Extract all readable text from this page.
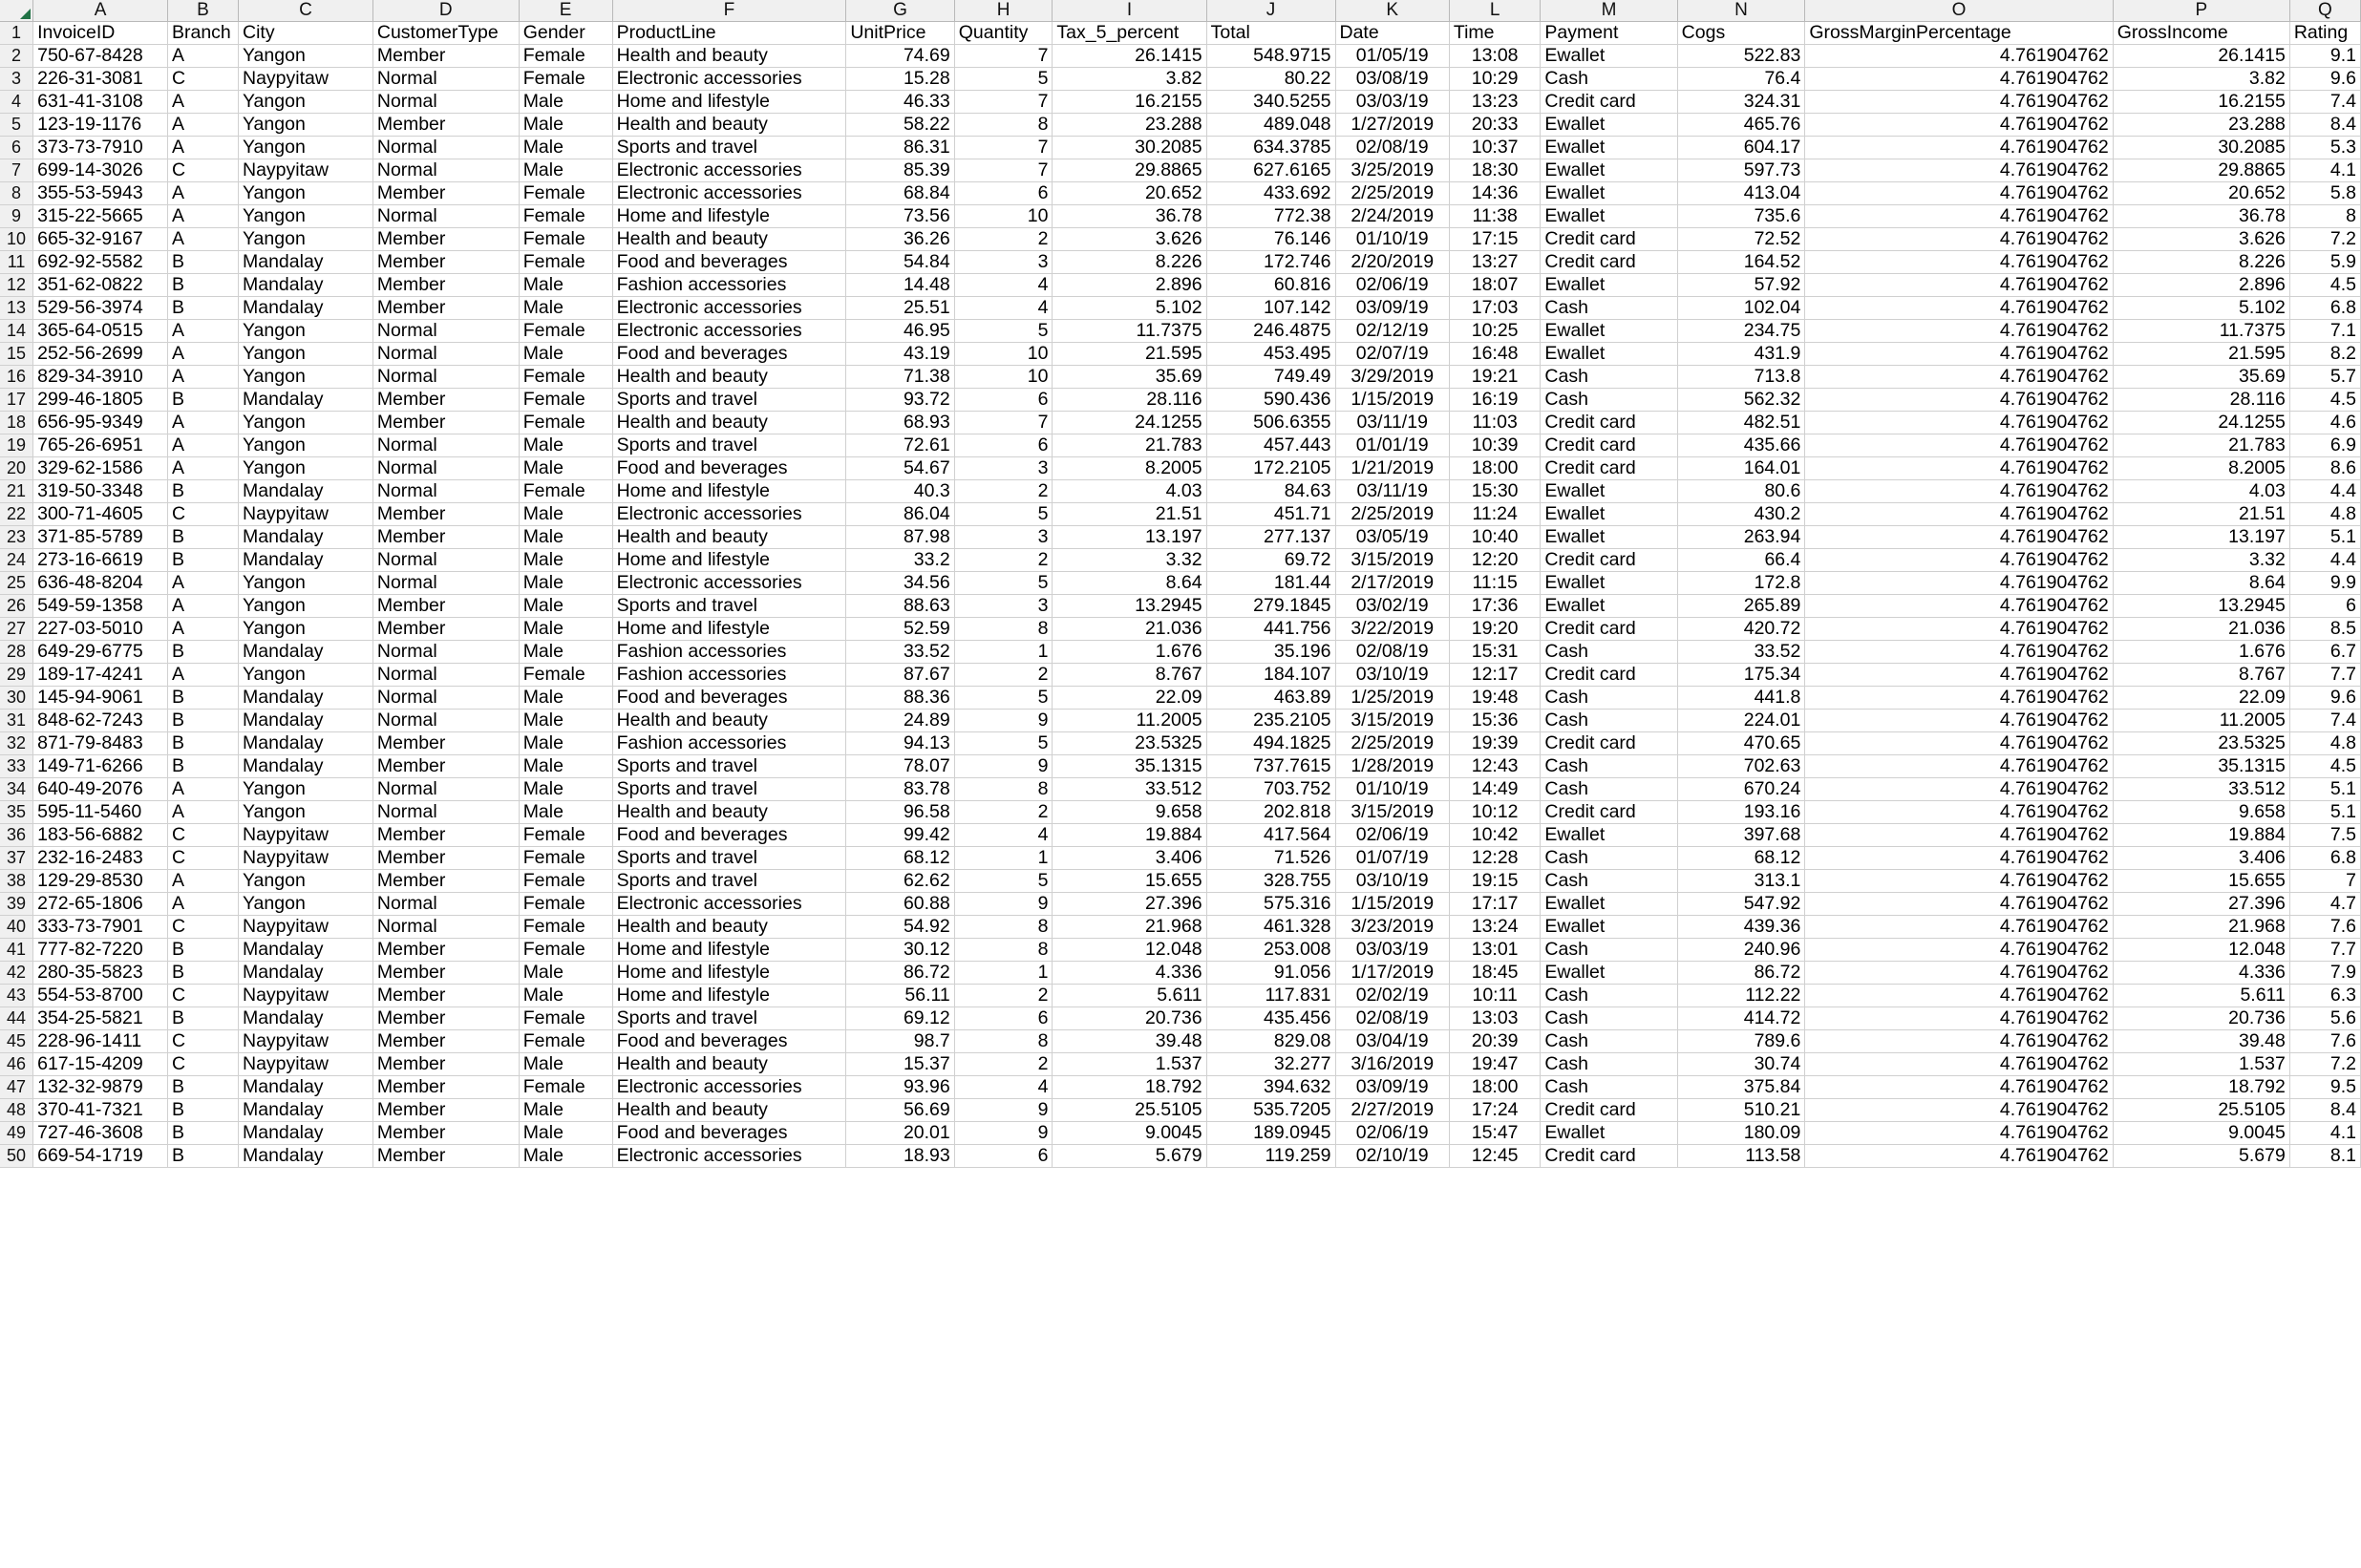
	A	B	C	D	E	F	G	H	I	J	K	L	M	N	O	P	Q
1	InvoiceID	Branch	City	CustomerType	Gender	ProductLine	UnitPrice	Quantity	Tax_5_percent	Total	Date	Time	Payment	Cogs	GrossMarginPercentage	GrossIncome	Rating
2	750-67-8428	A	Yangon	Member	Female	Health and beauty	74.69	7	26.1415	548.9715	01/05/19	13:08	Ewallet	522.83	4.761904762	26.1415	9.1
3	226-31-3081	C	Naypyitaw	Normal	Female	Electronic accessories	15.28	5	3.82	80.22	03/08/19	10:29	Cash	76.4	4.761904762	3.82	9.6
4	631-41-3108	A	Yangon	Normal	Male	Home and lifestyle	46.33	7	16.2155	340.5255	03/03/19	13:23	Credit card	324.31	4.761904762	16.2155	7.4
5	123-19-1176	A	Yangon	Member	Male	Health and beauty	58.22	8	23.288	489.048	1/27/2019	20:33	Ewallet	465.76	4.761904762	23.288	8.4
6	373-73-7910	A	Yangon	Normal	Male	Sports and travel	86.31	7	30.2085	634.3785	02/08/19	10:37	Ewallet	604.17	4.761904762	30.2085	5.3
7	699-14-3026	C	Naypyitaw	Normal	Male	Electronic accessories	85.39	7	29.8865	627.6165	3/25/2019	18:30	Ewallet	597.73	4.761904762	29.8865	4.1
8	355-53-5943	A	Yangon	Member	Female	Electronic accessories	68.84	6	20.652	433.692	2/25/2019	14:36	Ewallet	413.04	4.761904762	20.652	5.8
9	315-22-5665	A	Yangon	Normal	Female	Home and lifestyle	73.56	10	36.78	772.38	2/24/2019	11:38	Ewallet	735.6	4.761904762	36.78	8
10	665-32-9167	A	Yangon	Member	Female	Health and beauty	36.26	2	3.626	76.146	01/10/19	17:15	Credit card	72.52	4.761904762	3.626	7.2
11	692-92-5582	B	Mandalay	Member	Female	Food and beverages	54.84	3	8.226	172.746	2/20/2019	13:27	Credit card	164.52	4.761904762	8.226	5.9
12	351-62-0822	B	Mandalay	Member	Male	Fashion accessories	14.48	4	2.896	60.816	02/06/19	18:07	Ewallet	57.92	4.761904762	2.896	4.5
13	529-56-3974	B	Mandalay	Member	Male	Electronic accessories	25.51	4	5.102	107.142	03/09/19	17:03	Cash	102.04	4.761904762	5.102	6.8
14	365-64-0515	A	Yangon	Normal	Female	Electronic accessories	46.95	5	11.7375	246.4875	02/12/19	10:25	Ewallet	234.75	4.761904762	11.7375	7.1
15	252-56-2699	A	Yangon	Normal	Male	Food and beverages	43.19	10	21.595	453.495	02/07/19	16:48	Ewallet	431.9	4.761904762	21.595	8.2
16	829-34-3910	A	Yangon	Normal	Female	Health and beauty	71.38	10	35.69	749.49	3/29/2019	19:21	Cash	713.8	4.761904762	35.69	5.7
17	299-46-1805	B	Mandalay	Member	Female	Sports and travel	93.72	6	28.116	590.436	1/15/2019	16:19	Cash	562.32	4.761904762	28.116	4.5
18	656-95-9349	A	Yangon	Member	Female	Health and beauty	68.93	7	24.1255	506.6355	03/11/19	11:03	Credit card	482.51	4.761904762	24.1255	4.6
19	765-26-6951	A	Yangon	Normal	Male	Sports and travel	72.61	6	21.783	457.443	01/01/19	10:39	Credit card	435.66	4.761904762	21.783	6.9
20	329-62-1586	A	Yangon	Normal	Male	Food and beverages	54.67	3	8.2005	172.2105	1/21/2019	18:00	Credit card	164.01	4.761904762	8.2005	8.6
21	319-50-3348	B	Mandalay	Normal	Female	Home and lifestyle	40.3	2	4.03	84.63	03/11/19	15:30	Ewallet	80.6	4.761904762	4.03	4.4
22	300-71-4605	C	Naypyitaw	Member	Male	Electronic accessories	86.04	5	21.51	451.71	2/25/2019	11:24	Ewallet	430.2	4.761904762	21.51	4.8
23	371-85-5789	B	Mandalay	Member	Male	Health and beauty	87.98	3	13.197	277.137	03/05/19	10:40	Ewallet	263.94	4.761904762	13.197	5.1
24	273-16-6619	B	Mandalay	Normal	Male	Home and lifestyle	33.2	2	3.32	69.72	3/15/2019	12:20	Credit card	66.4	4.761904762	3.32	4.4
25	636-48-8204	A	Yangon	Normal	Male	Electronic accessories	34.56	5	8.64	181.44	2/17/2019	11:15	Ewallet	172.8	4.761904762	8.64	9.9
26	549-59-1358	A	Yangon	Member	Male	Sports and travel	88.63	3	13.2945	279.1845	03/02/19	17:36	Ewallet	265.89	4.761904762	13.2945	6
27	227-03-5010	A	Yangon	Member	Male	Home and lifestyle	52.59	8	21.036	441.756	3/22/2019	19:20	Credit card	420.72	4.761904762	21.036	8.5
28	649-29-6775	B	Mandalay	Normal	Male	Fashion accessories	33.52	1	1.676	35.196	02/08/19	15:31	Cash	33.52	4.761904762	1.676	6.7
29	189-17-4241	A	Yangon	Normal	Female	Fashion accessories	87.67	2	8.767	184.107	03/10/19	12:17	Credit card	175.34	4.761904762	8.767	7.7
30	145-94-9061	B	Mandalay	Normal	Male	Food and beverages	88.36	5	22.09	463.89	1/25/2019	19:48	Cash	441.8	4.761904762	22.09	9.6
31	848-62-7243	B	Mandalay	Normal	Male	Health and beauty	24.89	9	11.2005	235.2105	3/15/2019	15:36	Cash	224.01	4.761904762	11.2005	7.4
32	871-79-8483	B	Mandalay	Member	Male	Fashion accessories	94.13	5	23.5325	494.1825	2/25/2019	19:39	Credit card	470.65	4.761904762	23.5325	4.8
33	149-71-6266	B	Mandalay	Member	Male	Sports and travel	78.07	9	35.1315	737.7615	1/28/2019	12:43	Cash	702.63	4.761904762	35.1315	4.5
34	640-49-2076	A	Yangon	Normal	Male	Sports and travel	83.78	8	33.512	703.752	01/10/19	14:49	Cash	670.24	4.761904762	33.512	5.1
35	595-11-5460	A	Yangon	Normal	Male	Health and beauty	96.58	2	9.658	202.818	3/15/2019	10:12	Credit card	193.16	4.761904762	9.658	5.1
36	183-56-6882	C	Naypyitaw	Member	Female	Food and beverages	99.42	4	19.884	417.564	02/06/19	10:42	Ewallet	397.68	4.761904762	19.884	7.5
37	232-16-2483	C	Naypyitaw	Member	Female	Sports and travel	68.12	1	3.406	71.526	01/07/19	12:28	Cash	68.12	4.761904762	3.406	6.8
38	129-29-8530	A	Yangon	Member	Female	Sports and travel	62.62	5	15.655	328.755	03/10/19	19:15	Cash	313.1	4.761904762	15.655	7
39	272-65-1806	A	Yangon	Normal	Female	Electronic accessories	60.88	9	27.396	575.316	1/15/2019	17:17	Ewallet	547.92	4.761904762	27.396	4.7
40	333-73-7901	C	Naypyitaw	Normal	Female	Health and beauty	54.92	8	21.968	461.328	3/23/2019	13:24	Ewallet	439.36	4.761904762	21.968	7.6
41	777-82-7220	B	Mandalay	Member	Female	Home and lifestyle	30.12	8	12.048	253.008	03/03/19	13:01	Cash	240.96	4.761904762	12.048	7.7
42	280-35-5823	B	Mandalay	Member	Male	Home and lifestyle	86.72	1	4.336	91.056	1/17/2019	18:45	Ewallet	86.72	4.761904762	4.336	7.9
43	554-53-8700	C	Naypyitaw	Member	Male	Home and lifestyle	56.11	2	5.611	117.831	02/02/19	10:11	Cash	112.22	4.761904762	5.611	6.3
44	354-25-5821	B	Mandalay	Member	Female	Sports and travel	69.12	6	20.736	435.456	02/08/19	13:03	Cash	414.72	4.761904762	20.736	5.6
45	228-96-1411	C	Naypyitaw	Member	Female	Food and beverages	98.7	8	39.48	829.08	03/04/19	20:39	Cash	789.6	4.761904762	39.48	7.6
46	617-15-4209	C	Naypyitaw	Member	Male	Health and beauty	15.37	2	1.537	32.277	3/16/2019	19:47	Cash	30.74	4.761904762	1.537	7.2
47	132-32-9879	B	Mandalay	Member	Female	Electronic accessories	93.96	4	18.792	394.632	03/09/19	18:00	Cash	375.84	4.761904762	18.792	9.5
48	370-41-7321	B	Mandalay	Member	Male	Health and beauty	56.69	9	25.5105	535.7205	2/27/2019	17:24	Credit card	510.21	4.761904762	25.5105	8.4
49	727-46-3608	B	Mandalay	Member	Male	Food and beverages	20.01	9	9.0045	189.0945	02/06/19	15:47	Ewallet	180.09	4.761904762	9.0045	4.1
50	669-54-1719	B	Mandalay	Member	Male	Electronic accessories	18.93	6	5.679	119.259	02/10/19	12:45	Credit card	113.58	4.761904762	5.679	8.1
